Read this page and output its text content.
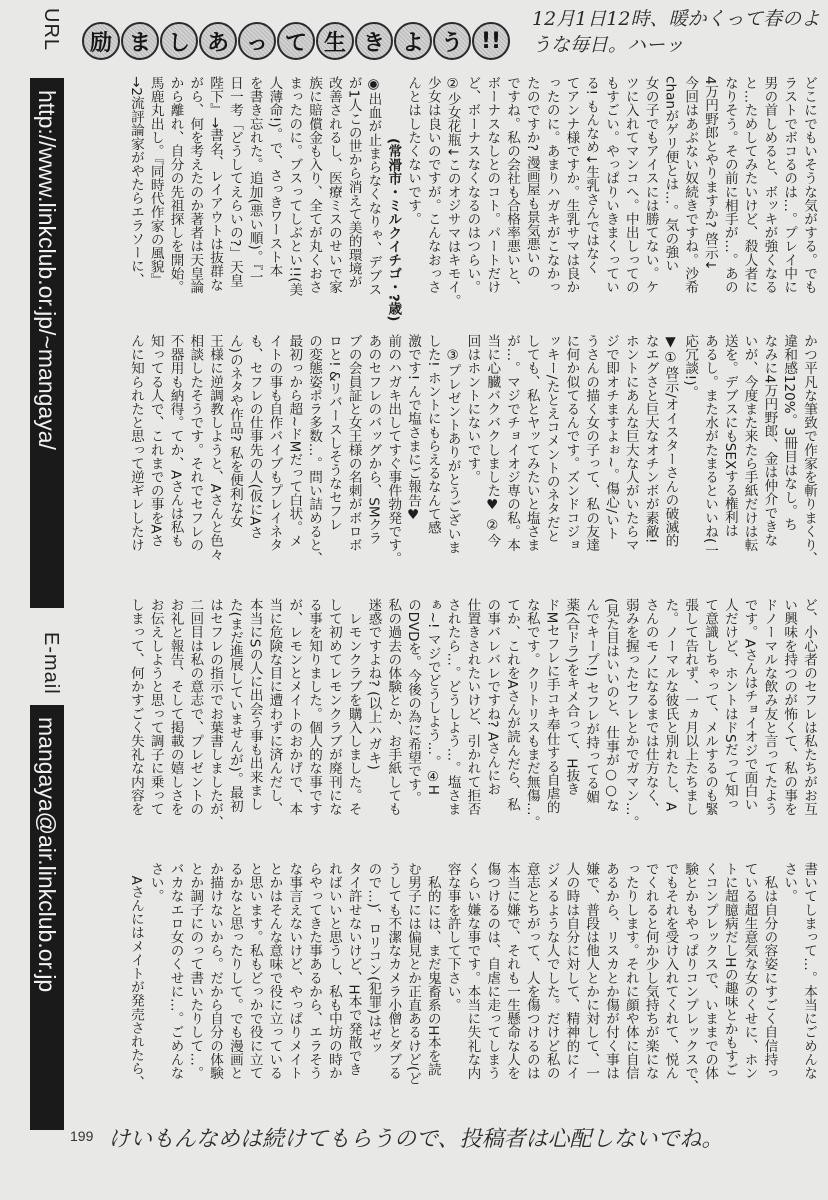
URL
http://www.linkclub.or.jp/~mangaya/
E-mail
mangaya@air.linkclub.or.jp
励 ま し あ っ て 生 き よ う !!
12月1日12時、暖かくって春のような毎日。ハーッ
どこにでもいそうな気がする。でも
ラストでボコるのは…。プレイ中に
男の首しめると、ボッキが強くなる
と…ためしてみたいけど、殺人者に
なりそう。その前に相手が…。あの
4万円野郎とやりますか? 啓示↓
今回はあぶない奴続きですね。沙希
chanがゲリ便とは…。気の強い
女の子でもアイスには勝てない。ケ
ツに入れてマンコへ。中出しっての
もすごい。やっぱりいきまくってい
る! もんなめ↓生乳さんではなく
てアンナ様ですか。生乳サマは良か
ったのに。あまりハガキがこなかっ
たのですか? 漫画屋も景気悪いの
ですね。私の会社も合格率悪いと、
ボーナスなしとのコト。パートだけ
ど、ボーナスなくなるのはつらい。
②少女花瓶↓このオジサマはキモイ。
少女は良いのですが。こんなおっさ
んとはしたくないです。
(常滑市・ミルクイチゴ・?歳)
◉出血が止まらなくなりゃ、デブス
が1人この世から消えて美的環境が
改善されるし、医療ミスのせいで家
族に賠償金も入り、全てが丸くおさ
まったのに。ブスってしぶとい!!(美
人薄命!)。で、さっきワースト本
を書き忘れた。追加(悪い順)。『一
日一考「どうしてえらいの?」天皇
陛下』→書名、レイアウトは抜群な
がら、何を考えたのか著者は天皇論
から離れ、自分の先祖探しを開始。
馬鹿丸出し。『同時代作家の風貌』
→2流評論家がやたらエラソーに、
かつ平凡な筆致で作家を斬りまくり、
違和感120%。3冊目はなし。ち
なみに4万円野郎、金は仲介できな
いが、今度また来たら手紙だけは転
送を。デブスにもSEXする権利は
あるし。また水がたまるといいね(一
応冗談!)。
▼①啓示/オイスターさんの破滅的
なエグさと巨大なオチンボが素敵!
ホントにあんな巨大な人がいたらマ
ジで即オチますよぉ~。傷心/いト
うさんの描く女の子って、私の友達
に何か似てるんです。ズンドコジョ
ッキー/たとえコメントのネタだと
しても、私とヤッてみたいと塩さま
が…。マジでチョイオジ専の私。本
当に心臓バクバクしました♥ ②今
回はホントにないです。
　③プレゼントありがとうございま
した! ホントにもらえるなんて感
激です! んで塩さまにご報告♥
前のハガキ出してすぐ事件勃発です。
あのセフレのバッグから、SMクラ
ブの会員証と女王様の名刺がボロボ
ロと! &リバースしそうなセフレ
の変態姿ポラ多数…。問い詰めると、
最初っから超~ドMだって白状。メ
イトの事も自作バイブもプレイネタ
も、セフレの仕事先の人(仮にAさ
ん)のネタや作品? 私を便利な女
王様に逆調教しようと、Aさんと色々
相談したそうです。それでセフレの
不器用も納得。てか、Aさんは私も
知ってる人で、これまでの事をAさ
んに知られたと思って逆ギレしたけ
ど、小心者のセフレは私たちがお互
い興味を持つのが怖くて、私の事を
ドノーマルな飲み友と言ってたよう
です。Aさんはチョイオジで面白い
人だけど、ホントはドSだって知っ
て意識しちゃって、メルするのも緊
張して告れず、一ヵ月以上たちまし
た。ノーマルな彼氏と別れたし、A
さんのモノになるまでは仕方なく、
弱みを握ったセフレとかでガマン…。
(見た目はいいのと、仕事が○○な
んでキープ!) セフレが持ってる媚
薬(合ドラ)をキメ合って、H抜き
ドMセフレに手コキ奉仕する自虐的
な私です。クリトリスもまだ無傷…。
てか、これをAさんが読んだら、私
の事バレバレですね? Aさんにお
仕置きされたいけど、引かれて拒否
されたら…。どうしよう…。塩さま
ぁ~! マジでどうしよう…。④H
のDVDを。今後の為に希望です。
私の過去の体験とか、お手紙しても
迷惑ですよね? (以上ハガキ)
　レモンクラブを購入しました。そ
して初めてレモンクラブが廃刊にな
る事を知りました。個人的な事です
が、レモンとメイトのおかげで、本
当に危険な目に遭わずに済んだし、
本当にSの人に出会う事も出来まし
た(まだ進展していませんが)。最初
はセフレの指示でお葉書しましたが、
二回目は私の意志で、プレゼントの
お礼と報告、そして掲載の嬉しさを
お伝えしようと思って調子に乗って
しまって、何かすごく失礼な内容を
書いてしまって…。本当にごめんな
さい。
　私は自分の容姿にすごく自信持っ
ている超生意気な女のくせに、ホン
トに超臆病だしHの趣味とかもすご
くコンプレックスで、いままでの体
験とかもやっぱりコンプレックスで、
でもそれを受け入れてくれて、悦ん
でくれると何か少し気持ちが楽にな
ったりします。それに顔や体に自信
あるから、リスカとか傷が付く事は
嫌で、普段は他人とかに対して、一
人の時は自分に対して、精神的にイ
ジメるような人でした。だけど私の
意志とちがって、人を傷つけるのは
本当に嫌で、それも一生懸命な人を
傷つけるのは、自虐に走ってしまう
くらい嫌な事です。本当に失礼な内
容な事を許して下さい。
　私的には、まだ鬼畜系のH本を読
む男子には偏見とか正直あるけど(ど
うしても不潔なカメラ小僧とダブる
ので…)、ロリコン(犯罪)はゼッ
タイ許せないけど、H本で発散でき
ればいいと思うし、私も中坊の時か
らやってきた事あるから、エラそう
な事言えないけど、やっぱりメイト
とかはそんな意味で役に立っている
と思います。私もどっかで役に立て
るかなと思ったりして。でも漫画と
か描けないから。だから自分の体験
とか調子にのって書いたりして…。
バカなエロ女のくせに…。ごめんな
さい。
　Aさんにはメイトが発売されたら、
199 けいもんなめは続けてもらうので、投稿者は心配しないでね。
